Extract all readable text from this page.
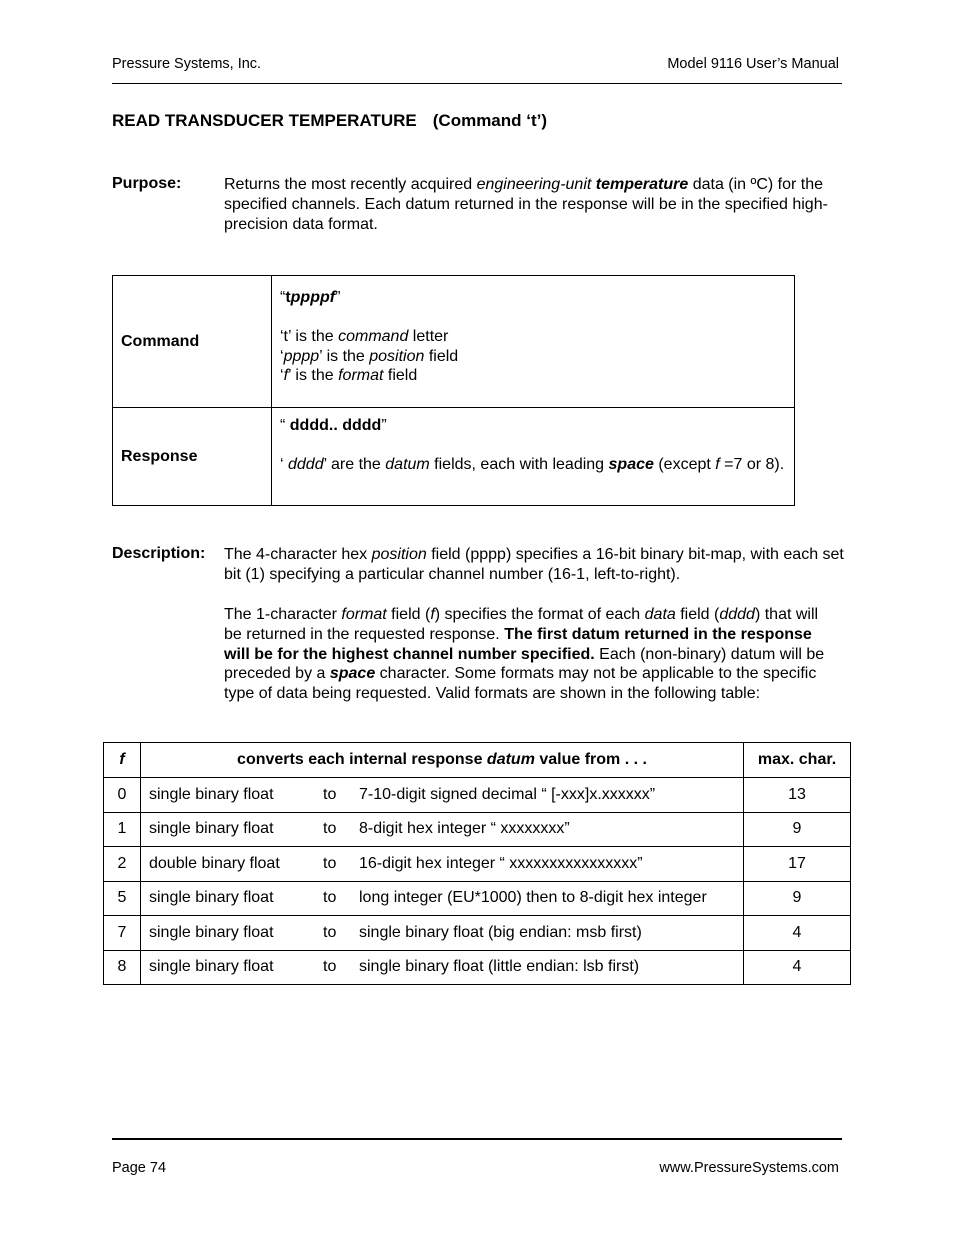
Pressure Systems, Inc.	Model 9116 User’s Manual
READ TRANSDUCER TEMPERATURE (Command ‘t’)
Purpose:	Returns the most recently acquired engineering-unit temperature data (in ºC) for the specified channels. Each datum returned in the response will be in the specified high-precision data format.
Command	“tppppf”
‘t’ is the command letter
‘pppp’ is the position field
‘f’ is the format field

Response	“ dddd.. dddd”
‘ dddd’ are the datum fields, each with leading space (except f =7 or 8).
Description: The 4-character hex position field (pppp) specifies a 16-bit binary bit-map, with each set bit (1) specifying a particular channel number (16-1, left-to-right).
The 1-character format field (f) specifies the format of each data field (dddd) that will be returned in the requested response. The first datum returned in the response will be for the highest channel number specified. Each (non-binary) datum will be preceded by a space character. Some formats may not be applicable to the specific type of data being requested. Valid formats are shown in the following table:
f	converts each internal response datum value from . . .	max. char.
0	single binary float to 7-10-digit signed decimal “ [-xxx]x.xxxxxx”	13
1	single binary float to 8-digit hex integer “ xxxxxxxx”	9
2	double binary float to 16-digit hex integer “ xxxxxxxxxxxxxxxx”	17
5	single binary float to long integer (EU*1000) then to 8-digit hex integer	9
7	single binary float to single binary float (big endian: msb first)	4
8	single binary float to single binary float (little endian: lsb first)	4
Page 74	www.PressureSystems.com
